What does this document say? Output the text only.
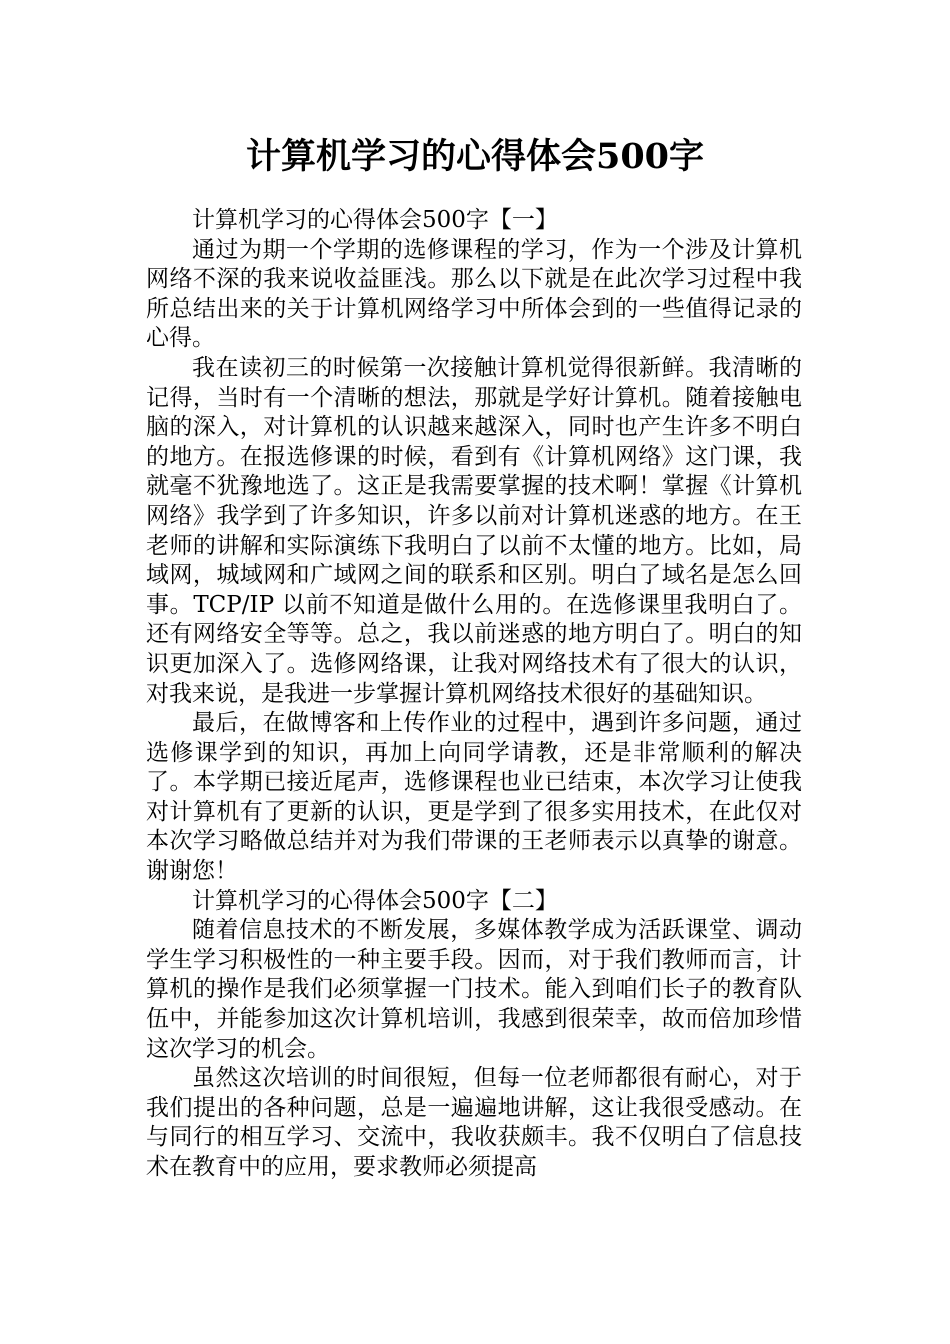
计算机学习的心得体会500字

计算机学习的心得体会500字【一】

通过为期一个学期的选修课程的学习，作为一个涉及计算机网络不深的我来说收益匪浅。那么以下就是在此次学习过程中我所总结出来的关于计算机网络学习中所体会到的一些值得记录的心得。

我在读初三的时候第一次接触计算机觉得很新鲜。我清晰的记得，当时有一个清晰的想法，那就是学好计算机。随着接触电脑的深入，对计算机的认识越来越深入，同时也产生许多不明白的地方。在报选修课的时候，看到有《计算机网络》这门课，我就毫不犹豫地选了。这正是我需要掌握的技术啊！掌握《计算机网络》我学到了许多知识，许多以前对计算机迷惑的地方。在王老师的讲解和实际演练下我明白了以前不太懂的地方。比如，局域网，城域网和广域网之间的联系和区别。明白了域名是怎么回事。TCP/IP 以前不知道是做什么用的。在选修课里我明白了。还有网络安全等等。总之，我以前迷惑的地方明白了。明白的知识更加深入了。选修网络课，让我对网络技术有了很大的认识，对我来说，是我进一步掌握计算机网络技术很好的基础知识。

最后，在做博客和上传作业的过程中，遇到许多问题，通过选修课学到的知识，再加上向同学请教，还是非常顺利的解决了。本学期已接近尾声，选修课程也业已结束，本次学习让使我对计算机有了更新的认识，更是学到了很多实用技术，在此仅对本次学习略做总结并对为我们带课的王老师表示以真挚的谢意。谢谢您！

计算机学习的心得体会500字【二】

随着信息技术的不断发展，多媒体教学成为活跃课堂、调动学生学习积极性的一种主要手段。因而，对于我们教师而言，计算机的操作是我们必须掌握一门技术。能入到咱们长子的教育队伍中，并能参加这次计算机培训，我感到很荣幸，故而倍加珍惜这次学习的机会。

虽然这次培训的时间很短，但每一位老师都很有耐心，对于我们提出的各种问题，总是一遍遍地讲解，这让我很受感动。在与同行的相互学习、交流中，我收获颇丰。我不仅明白了信息技术在教育中的应用，要求教师必须提高
